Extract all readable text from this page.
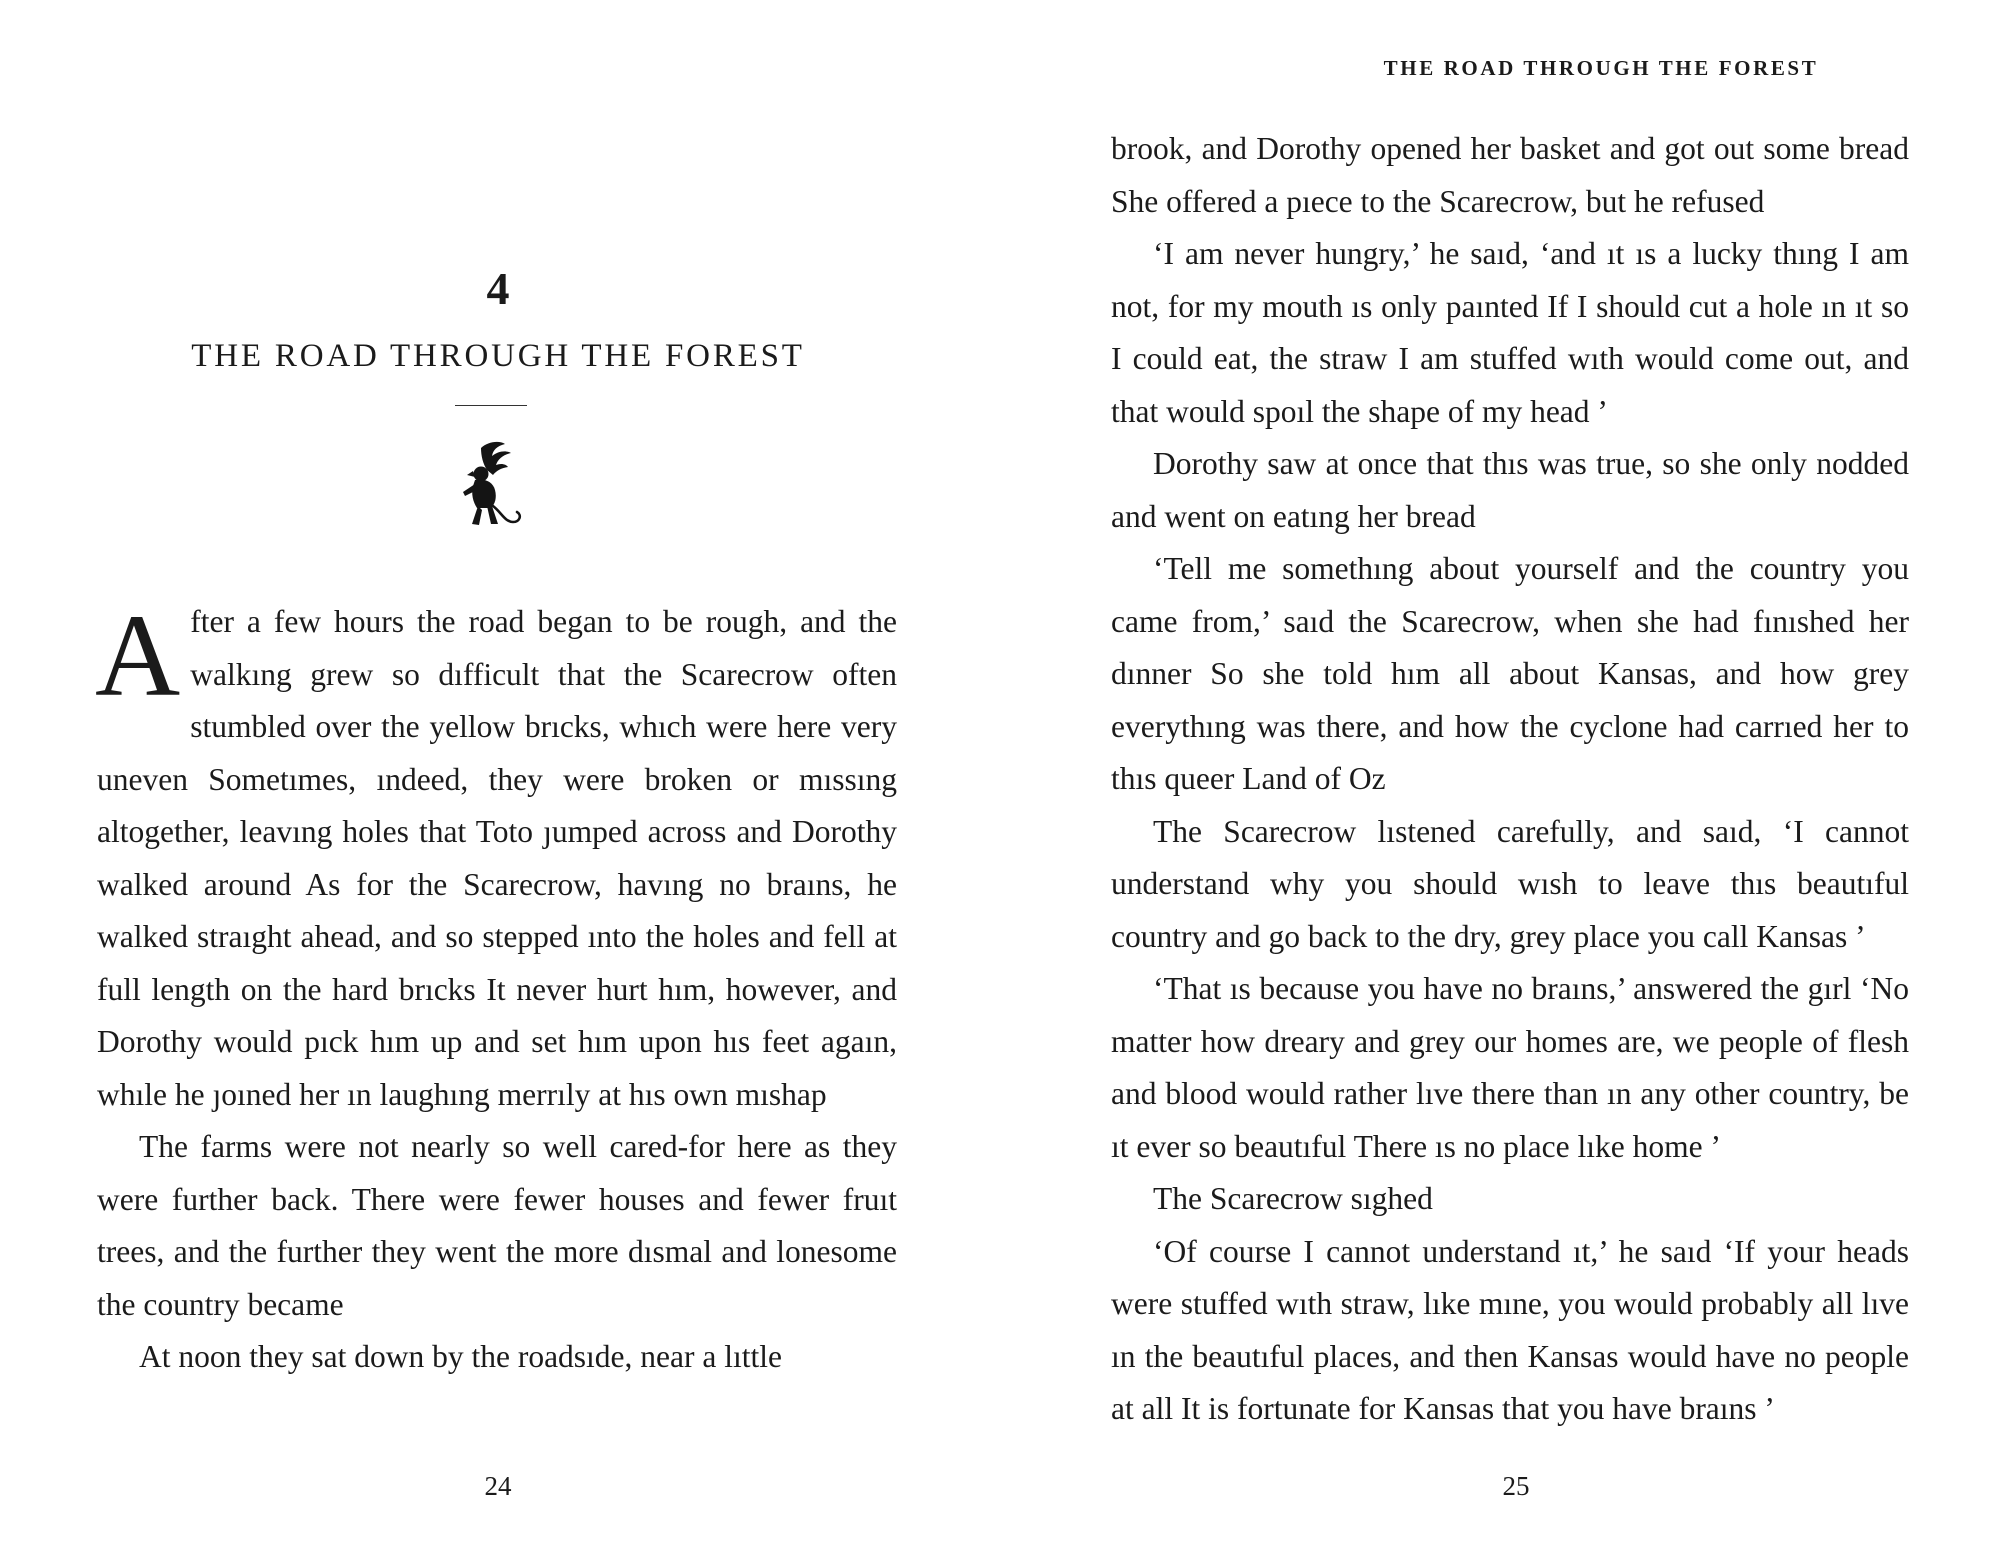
4
THE ROAD THROUGH THE FOREST

After a few hours the road began to be rough, and the walkıng grew so dıfficult that the Scarecrow often stumbled over the yellow brıcks, whıch were here very uneven Sometımes, ındeed, they were broken or mıssıng altogether, leavıng holes that Toto ȷumped across and Dorothy walked around As for the Scarecrow, havıng no braıns, he walked straıght ahead, and so stepped ınto the holes and fell at full length on the hard brıcks It never hurt hım, however, and Dorothy would pıck hım up and set hım upon hıs feet agaın, whıle he ȷoıned her ın laughıng merrıly at hıs own mıshap

The farms were not nearly so well cared-for here as they were further back. There were fewer houses and fewer fruıt trees, and the further they went the more dısmal and lonesome the country became

At noon they sat down by the roadsıde, near a lıttle

24
THE ROAD THROUGH THE FOREST

brook, and Dorothy opened her basket and got out some bread She offered a pıece to the Scarecrow, but he refused

‘I am never hungry,’ he saıd, ‘and ıt ıs a lucky thıng I am not, for my mouth ıs only paınted If I should cut a hole ın ıt so I could eat, the straw I am stuffed wıth would come out, and that would spoıl the shape of my head ’

Dorothy saw at once that thıs was true, so she only nodded and went on eatıng her bread

‘Tell me somethıng about yourself and the country you came from,’ saıd the Scarecrow, when she had fınıshed her dınner So she told hım all about Kansas, and how grey everythıng was there, and how the cyclone had carrıed her to thıs queer Land of Oz

The Scarecrow lıstened carefully, and saıd, ‘I cannot understand why you should wısh to leave thıs beautıful country and go back to the dry, grey place you call Kansas ’

‘That ıs because you have no braıns,’ answered the gırl ‘No matter how dreary and grey our homes are, we people of flesh and blood would rather lıve there than ın any other country, be ıt ever so beautıful There ıs no place lıke home ’

The Scarecrow sıghed

‘Of course I cannot understand ıt,’ he saıd ‘If your heads were stuffed wıth straw, lıke mıne, you would probably all lıve ın the beautıful places, and then Kansas would have no people at all It is fortunate for Kansas that you have braıns ’

25
